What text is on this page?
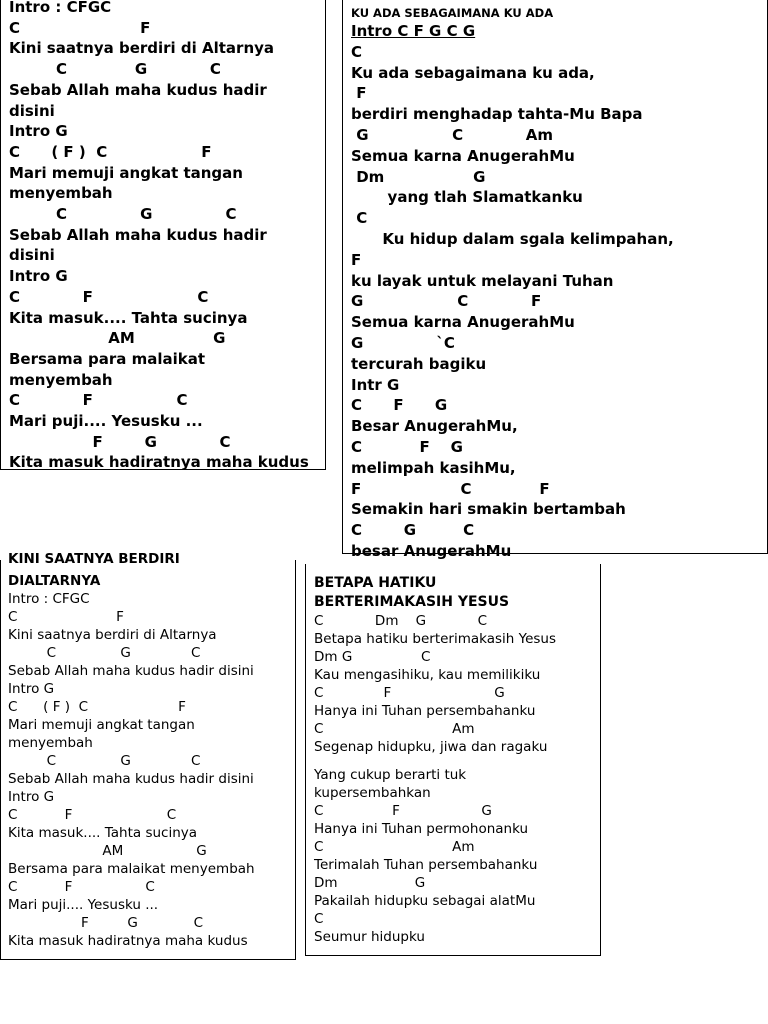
Intro : CFGC
C                       F
Kini saatnya berdiri di Altarnya
C             G            C
Sebab Allah maha kudus hadir
disini
Intro G
C      ( F )  C                  F
Mari memuji angkat tangan
menyembah
C              G              C
Sebab Allah maha kudus hadir
disini
Intro G
C            F                    C
Kita masuk.... Tahta sucinya
AM               G
Bersama para malaikat
menyembah
C            F                C
Mari puji.... Yesusku ...
F        G            C
Kita masuk hadiratnya maha kudus
KU ADA SEBAGAIMANA KU ADA
Intro C F G C G
C
Ku ada sebagaimana ku ada,
F
berdiri menghadap tahta-Mu Bapa
G                C            Am
Semua karna AnugerahMu
Dm                 G
yang tlah Slamatkanku
C
Ku hidup dalam sgala kelimpahan,
F
ku layak untuk melayani Tuhan
G                  C            F
Semua karna AnugerahMu
G              `C
tercurah bagiku
Intr G
C      F      G
Besar AnugerahMu,
C           F    G
melimpah kasihMu,
F                   C             F
Semakin hari smakin bertambah
C        G         C
besar AnugerahMu
KINI SAATNYA BERDIRI
DIALTARNYA
Intro : CFGC
C                       F
Kini saatnya berdiri di Altarnya
C               G              C
Sebab Allah maha kudus hadir disini
Intro G
C      ( F )  C                     F
Mari memuji angkat tangan
menyembah
C               G              C
Sebab Allah maha kudus hadir disini
Intro G
C           F                      C
Kita masuk.... Tahta sucinya
AM                 G
Bersama para malaikat menyembah
C           F                 C
Mari puji.... Yesusku ...
F         G             C
Kita masuk hadiratnya maha kudus
BETAPA HATIKU
BERTERIMAKASIH YESUS
C            Dm    G            C
Betapa hatiku berterimakasih Yesus
Dm G                C
Kau mengasihiku, kau memilikiku
C              F                        G
Hanya ini Tuhan persembahanku
C                              Am
Segenap hidupku, jiwa dan ragaku
Yang cukup berarti tuk
kupersembahkan
C                F                   G
Hanya ini Tuhan permohonanku
C                              Am
Terimalah Tuhan persembahanku
Dm                  G
Pakailah hidupku sebagai alatMu
C
Seumur hidupku
